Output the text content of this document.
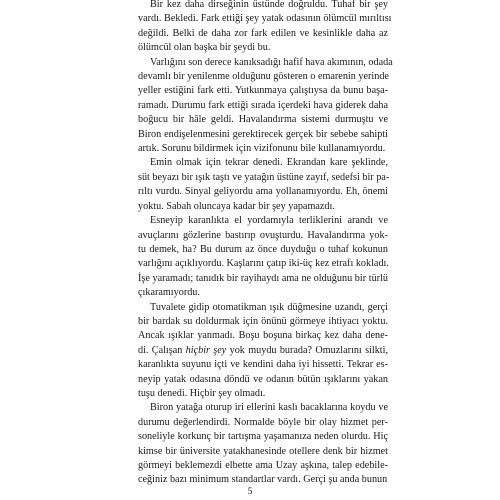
Bir kez daha dirseğinin üstünde doğruldu. Tuhaf bir şey
vardı. Bekledi. Fark ettiği şey yatak odasının ölümcül mırıltısı
değildi. Belki de daha zor fark edilen ve kesinlikle daha az
ölümcül olan başka bir şeydi bu.
Varlığını son derece kanıksadığı hafif hava akımının, odada
devamlı bir yenilenme olduğunu gösteren o emarenin yerinde
yeller estiğini fark etti. Yutkunmaya çalıştıysa da bunu başa-
ramadı. Durumu fark ettiği sırada içerdeki hava giderek daha
boğucu bir hâle geldi. Havalandırma sistemi durmuştu ve
Biron endişelenmesini gerektirecek gerçek bir sebebe sahipti
artık. Sorunu bildirmek için vizifonunu bile kullanamıyordu.
Emin olmak için tekrar denedi. Ekrandan kare şeklinde,
süt beyazı bir ışık taştı ve yatağın üstüne zayıf, sedefsi bir pa-
rıltı vurdu. Sinyal geliyordu ama yollanamıyordu. Eh, önemi
yoktu. Sabah oluncaya kadar bir şey yapamazdı.
Esneyip karanlıkta el yordamıyla terliklerini arandı ve
avuçlarını gözlerine bastırıp ovuşturdu. Havalandırma yok-
tu demek, ha? Bu durum az önce duyduğu o tuhaf kokunun
varlığını açıklıyordu. Kaşlarını çatıp iki-üç kez etrafı kokladı.
İşe yaramadı; tanıdık bir rayihaydı ama ne olduğunu bir türlü
çıkaramıyordu.
Tuvalete gidip otomatikman ışık düğmesine uzandı, gerçi
bir bardak su doldurmak için önünü görmeye ihtiyacı yoktu.
Ancak ışıklar yanmadı. Boşu boşuna birkaç kez daha dene-
di. Çalışan hiçbir şey yok muydu burada? Omuzlarını silkti,
karanlıkta suyunu içti ve kendini daha iyi hissetti. Tekrar es-
neyip yatak odasına döndü ve odanın bütün ışıklarını yakan
tuşu denedi. Hiçbir şey olmadı.
Biron yatağa oturup iri ellerini kaslı bacaklarına koydu ve
durumu değerlendirdi. Normalde böyle bir olay hizmet per-
soneliyle korkunç bir tartışma yaşamanıza neden olurdu. Hiç
kimse bir üniversite yatakhanesinde otellere denk bir hizmet
görmeyi beklemezdi elbette ama Uzay aşkına, talep edebile-
ceğiniz bazı minimum standartlar vardı. Gerçi şu anda bunun
5
